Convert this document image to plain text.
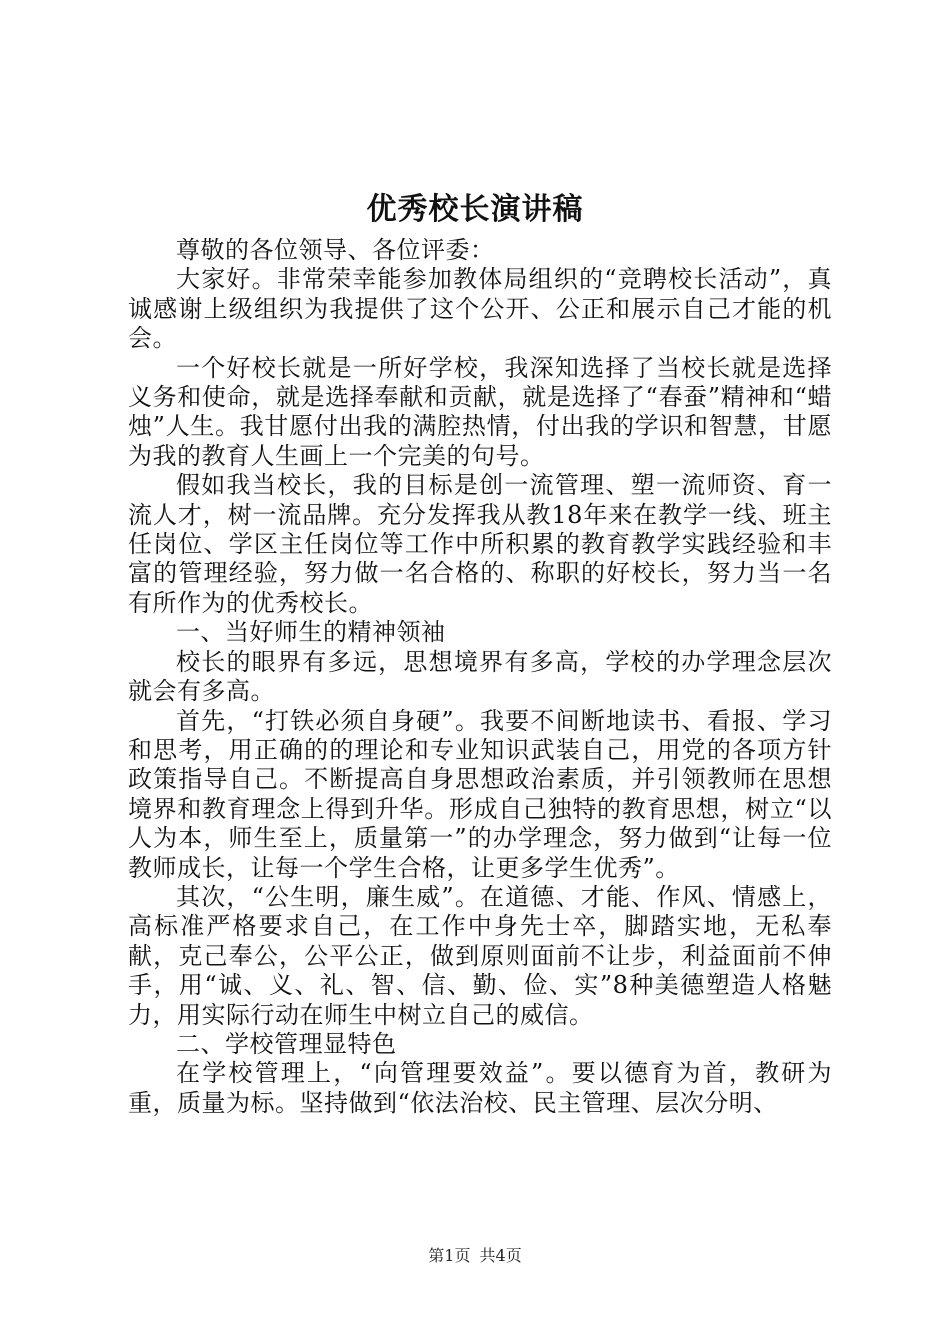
优秀校长演讲稿

尊敬的各位领导、各位评委：

大家好。非常荣幸能参加教体局组织的“竞聘校长活动”，真诚感谢上级组织为我提供了这个公开、公正和展示自己才能的机会。

一个好校长就是一所好学校，我深知选择了当校长就是选择义务和使命，就是选择奉献和贡献，就是选择了“春蚕”精神和“蜡烛”人生。我甘愿付出我的满腔热情，付出我的学识和智慧，甘愿为我的教育人生画上一个完美的句号。

假如我当校长，我的目标是创一流管理、塑一流师资、育一流人才，树一流品牌。充分发挥我从教18年来在教学一线、班主任岗位、学区主任岗位等工作中所积累的教育教学实践经验和丰富的管理经验，努力做一名合格的、称职的好校长，努力当一名有所作为的优秀校长。

一、当好师生的精神领袖

校长的眼界有多远，思想境界有多高，学校的办学理念层次就会有多高。

首先，“打铁必须自身硬”。我要不间断地读书、看报、学习和思考，用正确的的理论和专业知识武装自己，用党的各项方针政策指导自己。不断提高自身思想政治素质，并引领教师在思想境界和教育理念上得到升华。形成自己独特的教育思想，树立“以人为本，师生至上，质量第一”的办学理念，努力做到“让每一位教师成长，让每一个学生合格，让更多学生优秀”。

其次，“公生明，廉生威”。在道德、才能、作风、情感上，高标准严格要求自己，在工作中身先士卒，脚踏实地，无私奉献，克己奉公，公平公正，做到原则面前不让步，利益面前不伸手，用“诚、义、礼、智、信、勤、俭、实”8种美德塑造人格魅力，用实际行动在师生中树立自己的威信。

二、学校管理显特色

在学校管理上，“向管理要效益”。要以德育为首，教研为重，质量为标。坚持做到“依法治校、民主管理、层次分明、

第1页 共4页
